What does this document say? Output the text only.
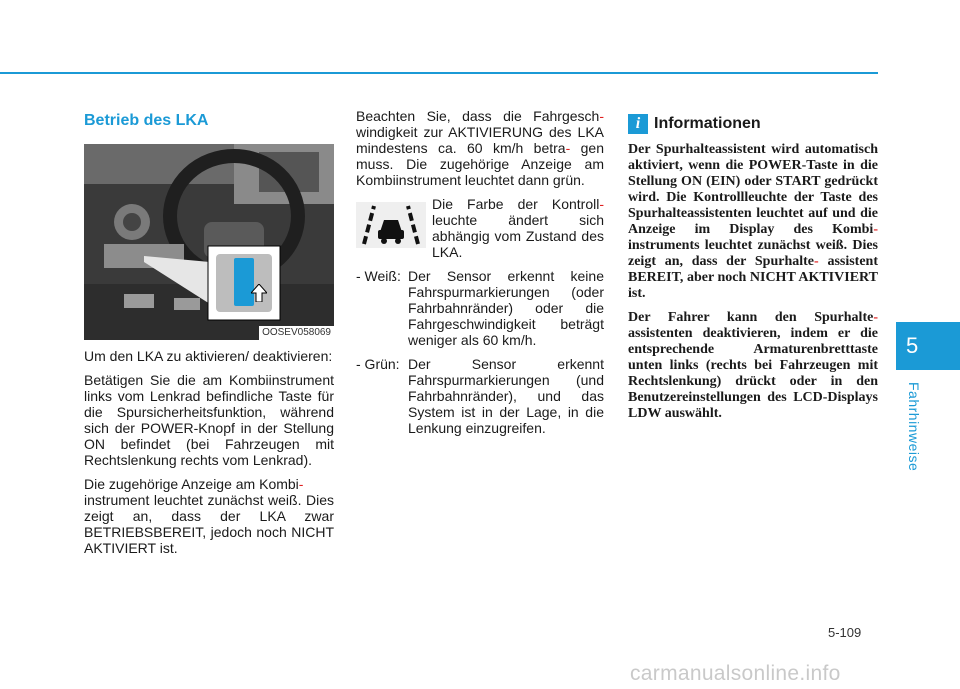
5
Fahrhinweise
Betrieb des LKA
OOSEV058069

Um den LKA zu aktivieren/ deaktivieren:

Betätigen Sie die am Kombiinstrument links vom Lenkrad befindliche Taste für die Spursicherheitsfunktion, während sich der POWER-Knopf in der Stellung ON befindet (bei Fahrzeugen mit Rechtslenkung rechts vom Lenkrad).

Die zugehörige Anzeige am Kombi-
instrument leuchtet zunächst weiß. Dies zeigt an, dass der LKA zwar BETRIEBSBEREIT, jedoch noch NICHT AKTIVIERT ist.

Beachten Sie, dass die Fahrgesch- windigkeit zur AKTIVIERUNG des LKA mindestens ca. 60 km/h betra- gen muss. Die zugehörige Anzeige am Kombiinstrument leuchtet dann grün.

Die Farbe der Kontroll- leuchte ändert sich abhängig vom Zustand des LKA.

- Weiß: Der Sensor erkennt keine Fahrspurmarkierungen (oder Fahrbahnränder) oder die Fahrgeschwindigkeit beträgt weniger als 60 km/h.
- Grün: Der Sensor erkennt Fahrspurmarkierungen (und Fahrbahnränder), und das System ist in der Lage, in die Lenkung einzugreifen.
i Informationen

Der Spurhalteassistent wird automatisch aktiviert, wenn die POWER-Taste in die Stellung ON (EIN) oder START gedrückt wird. Die Kontrollleuchte der Taste des Spurhalteassistenten leuchtet auf und die Anzeige im Display des Kombi- instruments leuchtet zunächst weiß. Dies zeigt an, dass der Spurhalte- assistent BEREIT, aber noch NICHT AKTIVIERT ist.

Der Fahrer kann den Spurhalte- assistenten deaktivieren, indem er die entsprechende Armaturenbretttaste unten links (rechts bei Fahrzeugen mit Rechtslenkung) drückt oder in den Benutzereinstellungen des LCD-Displays LDW auswählt.

5-109
carmanualsonline.info
